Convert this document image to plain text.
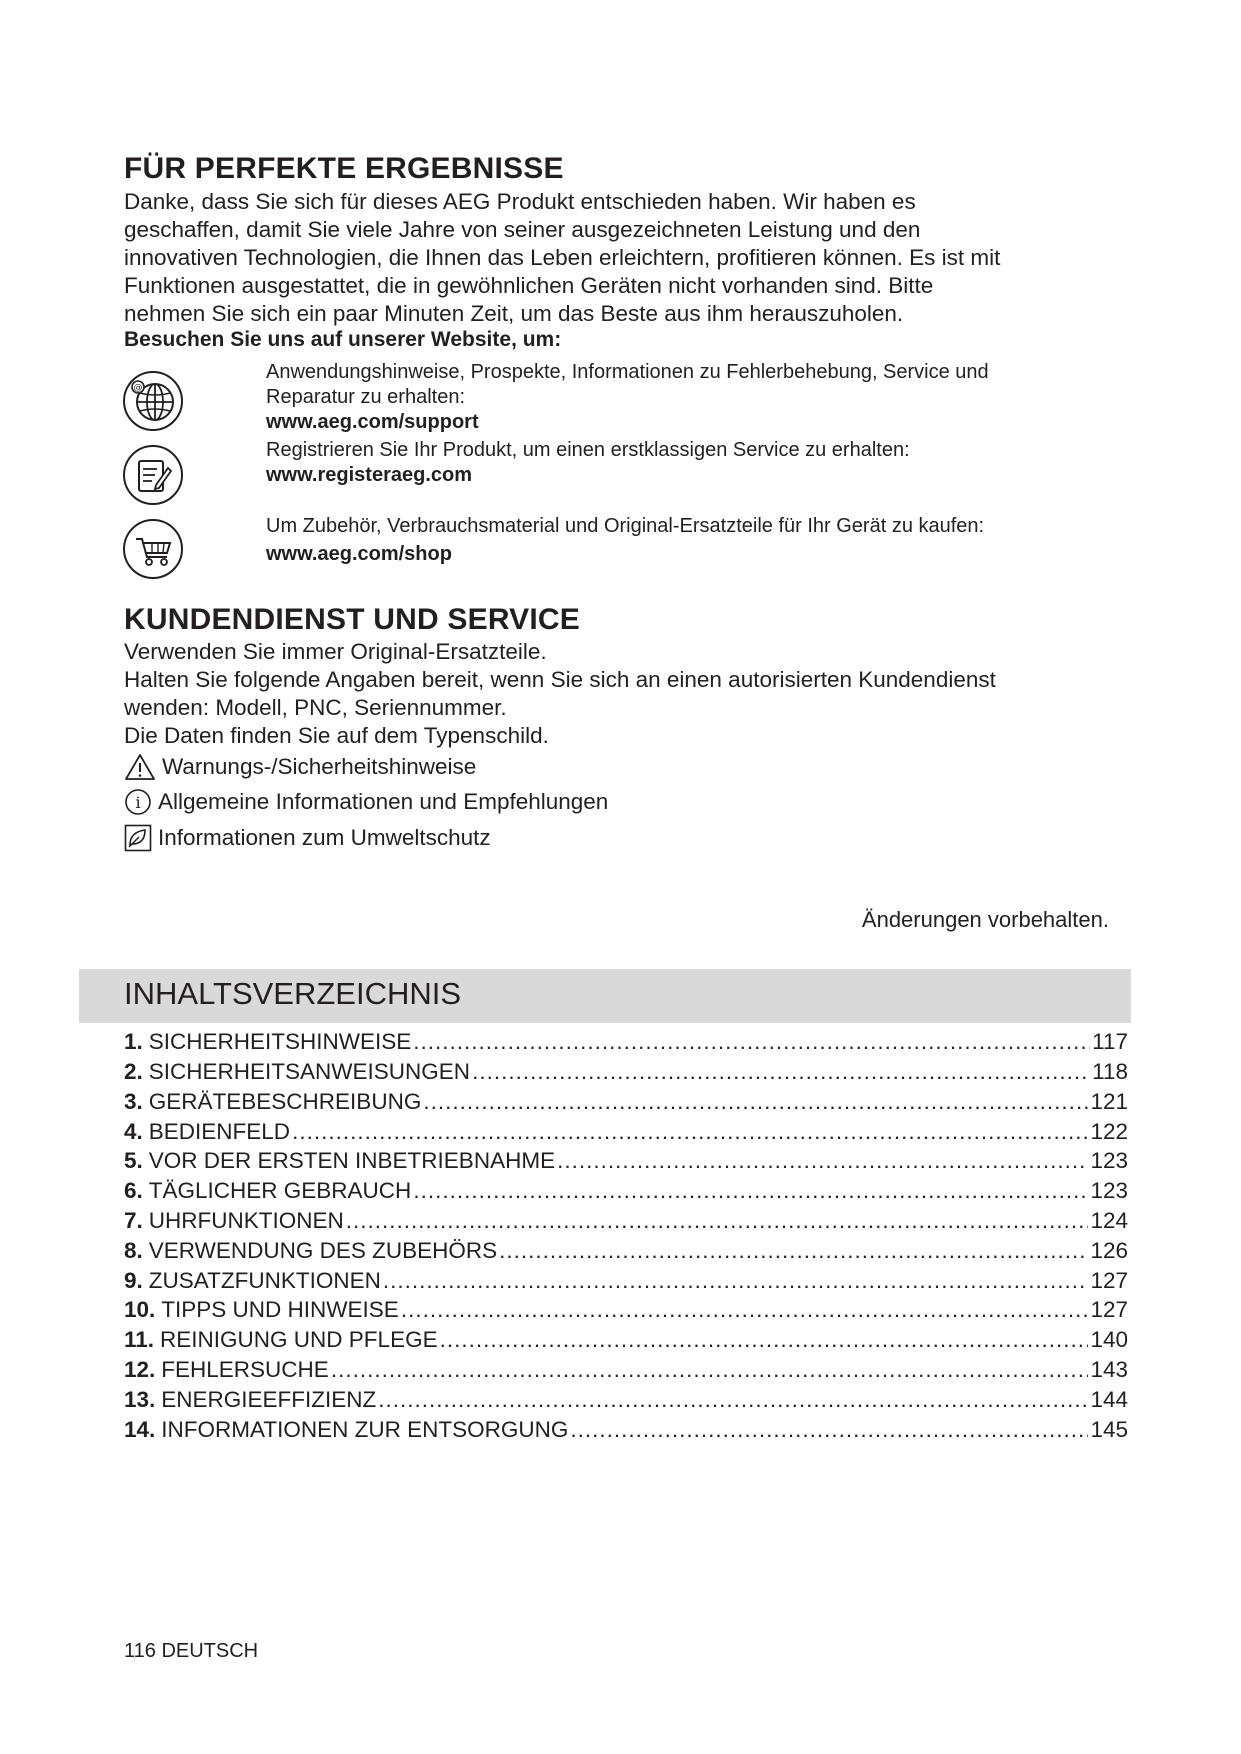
FÜR PERFEKTE ERGEBNISSE
Danke, dass Sie sich für dieses AEG Produkt entschieden haben. Wir haben es
geschaffen, damit Sie viele Jahre von seiner ausgezeichneten Leistung und den
innovativen Technologien, die Ihnen das Leben erleichtern, profitieren können. Es ist mit
Funktionen ausgestattet, die in gewöhnlichen Geräten nicht vorhanden sind. Bitte
nehmen Sie sich ein paar Minuten Zeit, um das Beste aus ihm herauszuholen.
Besuchen Sie uns auf unserer Website, um:
@
Anwendungshinweise, Prospekte, Informationen zu Fehlerbehebung, Service und
Reparatur zu erhalten:
www.aeg.com/support
Registrieren Sie Ihr Produkt, um einen erstklassigen Service zu erhalten:
www.registeraeg.com
Um Zubehör, Verbrauchsmaterial und Original-Ersatzteile für Ihr Gerät zu kaufen:
www.aeg.com/shop
KUNDENDIENST UND SERVICE
Verwenden Sie immer Original-Ersatzteile.
Halten Sie folgende Angaben bereit, wenn Sie sich an einen autorisierten Kundendienst
wenden: Modell, PNC, Seriennummer.
Die Daten finden Sie auf dem Typenschild.
Warnungs-/Sicherheitshinweise
i Allgemeine Informationen und Empfehlungen
Informationen zum Umweltschutz
Änderungen vorbehalten.
INHALTSVERZEICHNIS
1. SICHERHEITSHINWEISE .....	117
2. SICHERHEITSANWEISUNGEN .....	118
3. GERÄTEBESCHREIBUNG .....	121
4. BEDIENFELD .....	122
5. VOR DER ERSTEN INBETRIEBNAHME .....	123
6. TÄGLICHER GEBRAUCH .....	123
7. UHRFUNKTIONEN .....	124
8. VERWENDUNG DES ZUBEHÖRS .....	126
9. ZUSATZFUNKTIONEN .....	127
10. TIPPS UND HINWEISE .....	127
11. REINIGUNG UND PFLEGE .....	140
12. FEHLERSUCHE .....	143
13. ENERGIEEFFIZIENZ .....	144
14. INFORMATIONEN ZUR ENTSORGUNG .....	145
116 DEUTSCH
